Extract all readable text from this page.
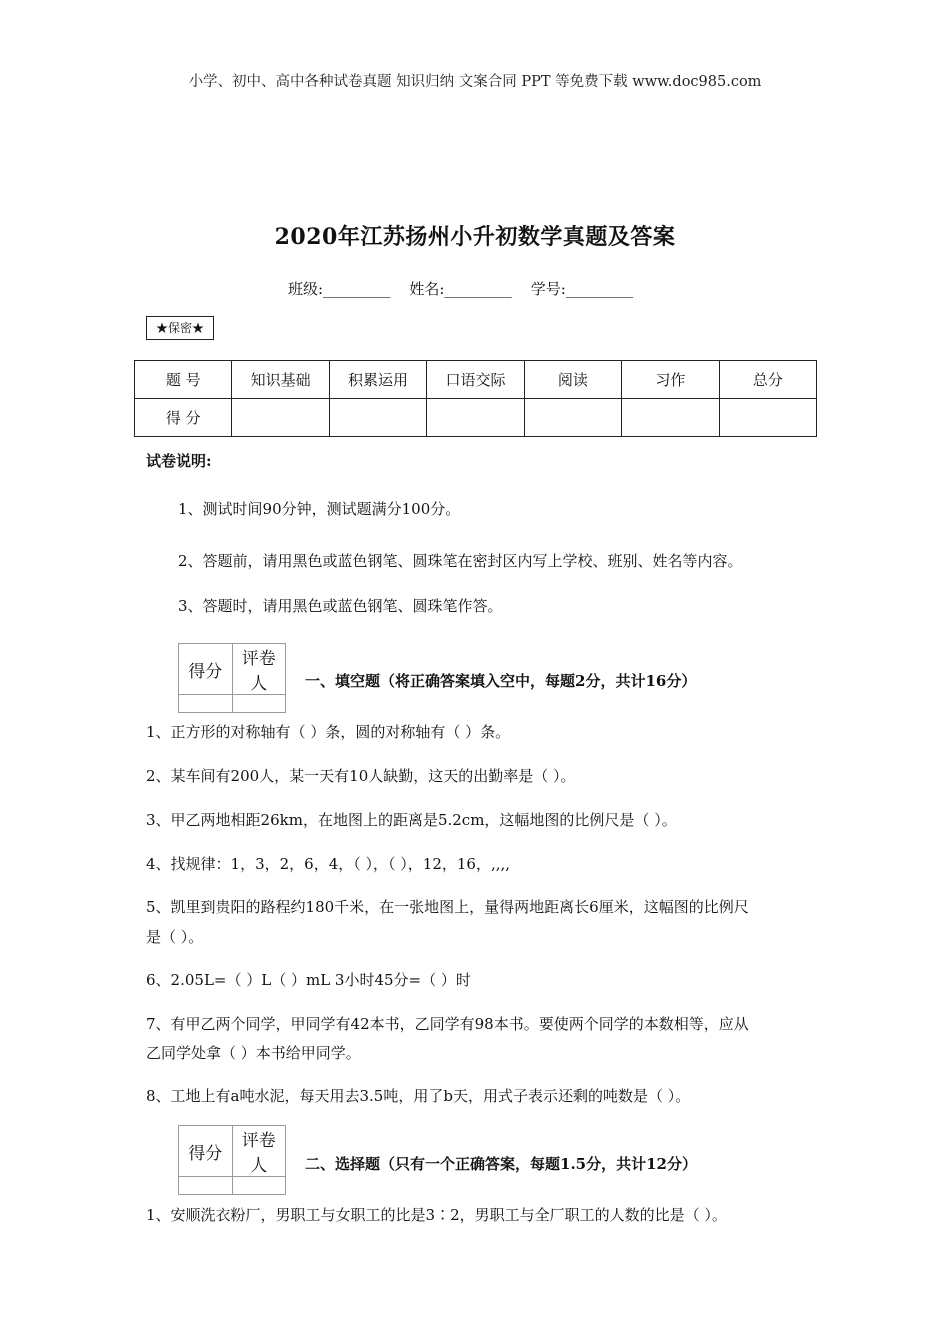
小学、初中、高中各种试卷真题 知识归纳 文案合同 PPT 等免费下载 www.doc985.com
2020年江苏扬州小升初数学真题及答案
班级:_________ 姓名:_________ 学号:_________
★保密★
题 号	知识基础	积累运用	口语交际	阅读	习作	总分
得 分						
试卷说明:
1、测试时间90分钟，测试题满分100分。
2、答题前，请用黑色或蓝色钢笔、圆珠笔在密封区内写上学校、班别、姓名等内容。
3、答题时，请用黑色或蓝色钢笔、圆珠笔作答。
得分	评卷人
		一、填空题（将正确答案填入空中，每题2分，共计16分）
1、正方形的对称轴有（ ）条，圆的对称轴有（ ）条。
2、某车间有200人，某一天有10人缺勤，这天的出勤率是（ ）。
3、甲乙两地相距26km，在地图上的距离是5.2cm，这幅地图的比例尺是（ ）。
4、找规律：1，3，2，6，4，（ ），（ ），12，16，,,,,
5、凯里到贵阳的路程约180千米，在一张地图上，量得两地距离长6厘米，这幅图的比例尺
是（ ）。
6、2.05L=（ ）L（ ）mL 3小时45分=（ ）时
7、有甲乙两个同学，甲同学有42本书，乙同学有98本书。要使两个同学的本数相等，应从
乙同学处拿（ ）本书给甲同学。
8、工地上有a吨水泥，每天用去3.5吨，用了b天，用式子表示还剩的吨数是（ ）。
得分	评卷人
		二、选择题（只有一个正确答案，每题1.5分，共计12分）
1、安顺洗衣粉厂，男职工与女职工的比是3∶2，男职工与全厂职工的人数的比是（ ）。
